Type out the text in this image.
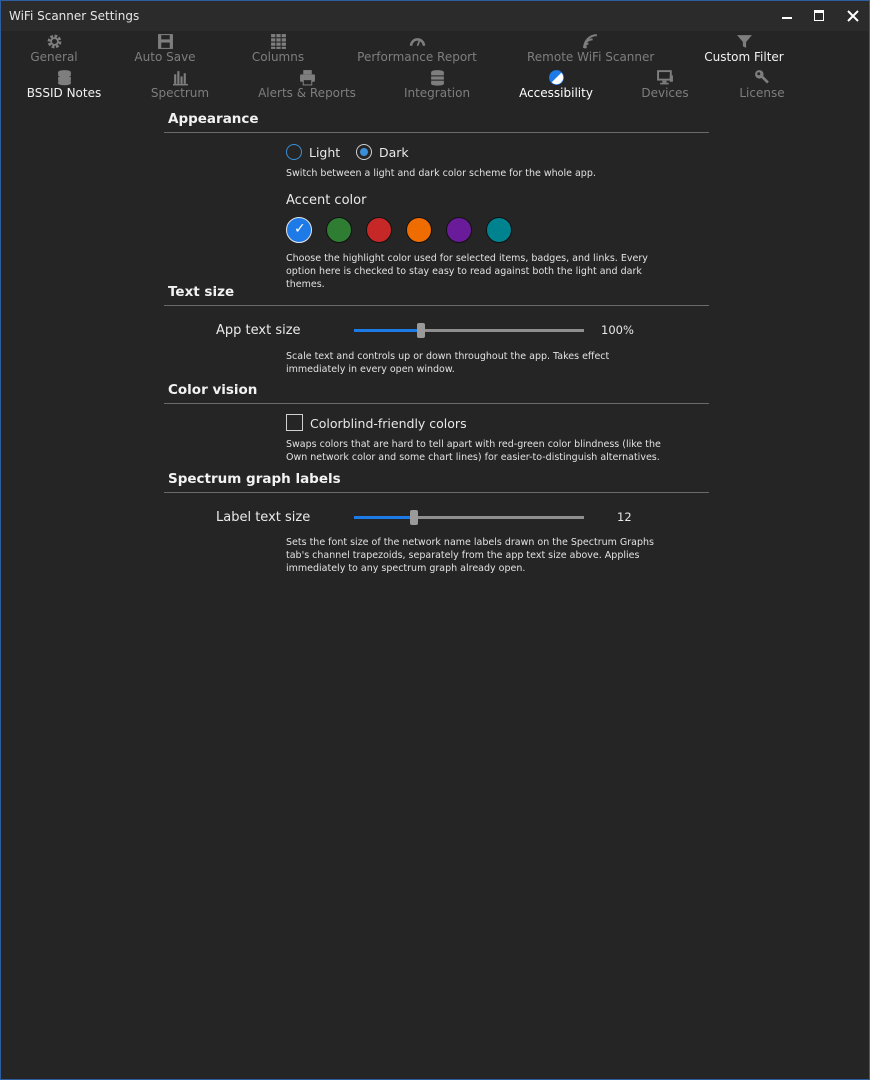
WiFi Scanner Settings
General	Auto Save	Columns	Performance Report	Remote WiFi Scanner	Custom Filter
BSSID Notes	Spectrum	Alerts & Reports	Integration	Accessibility	Devices	License
Appearance
Light	Dark
Switch between a light and dark color scheme for the whole app.
Accent color
✓
Choose the highlight color used for selected items, badges, and links. Every option here is checked to stay easy to read against both the light and dark themes.
Text size
App text size	100%
Scale text and controls up or down throughout the app. Takes effect immediately in every open window.
Color vision
Colorblind-friendly colors
Swaps colors that are hard to tell apart with red-green color blindness (like the Own network color and some chart lines) for easier-to-distinguish alternatives.
Spectrum graph labels
Label text size	12
Sets the font size of the network name labels drawn on the Spectrum Graphs tab's channel trapezoids, separately from the app text size above. Applies immediately to any spectrum graph already open.
